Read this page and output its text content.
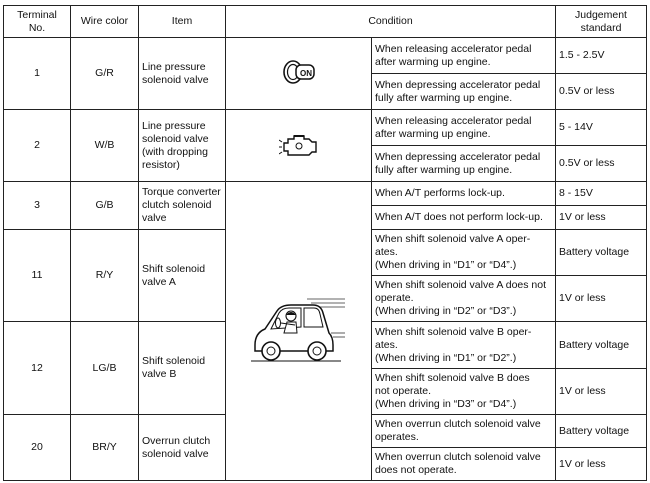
Terminal
No.	Wire color	Item	Condition		Judgement
standard

1	G/R	Line pressure
solenoid valve	ON	When releasing accelerator pedal
after warming up engine.	1.5 - 2.5V

				When depressing accelerator pedal
fully after warming up engine.	0.5V or less
2	W/B	Line pressure
solenoid valve
(with dropping
resistor)		When releasing accelerator pedal
after warming up engine.	5 - 14V

				When depressing accelerator pedal
fully after warming up engine.	0.5V or less
3	G/B	Torque converter
clutch solenoid
valve		When A/T performs lock-up.	8 - 15V

				When A/T does not perform lock-up.	1V or less
11	R/Y	Shift solenoid
valve A		When shift solenoid valve A oper-
ates.
(When driving in “D1” or “D4”.)	Battery voltage

				When shift solenoid valve A does not
operate.
(When driving in “D2” or “D3”.)	1V or less
12	LG/B	Shift solenoid
valve B		When shift solenoid valve B oper-
ates.
(When driving in “D1” or “D2”.)	Battery voltage

				When shift solenoid valve B does
not operate.
(When driving in “D3” or “D4”.)	1V or less
20	BR/Y	Overrun clutch
solenoid valve		When overrun clutch solenoid valve
operates.	Battery voltage

				When overrun clutch solenoid valve
does not operate.	1V or less
